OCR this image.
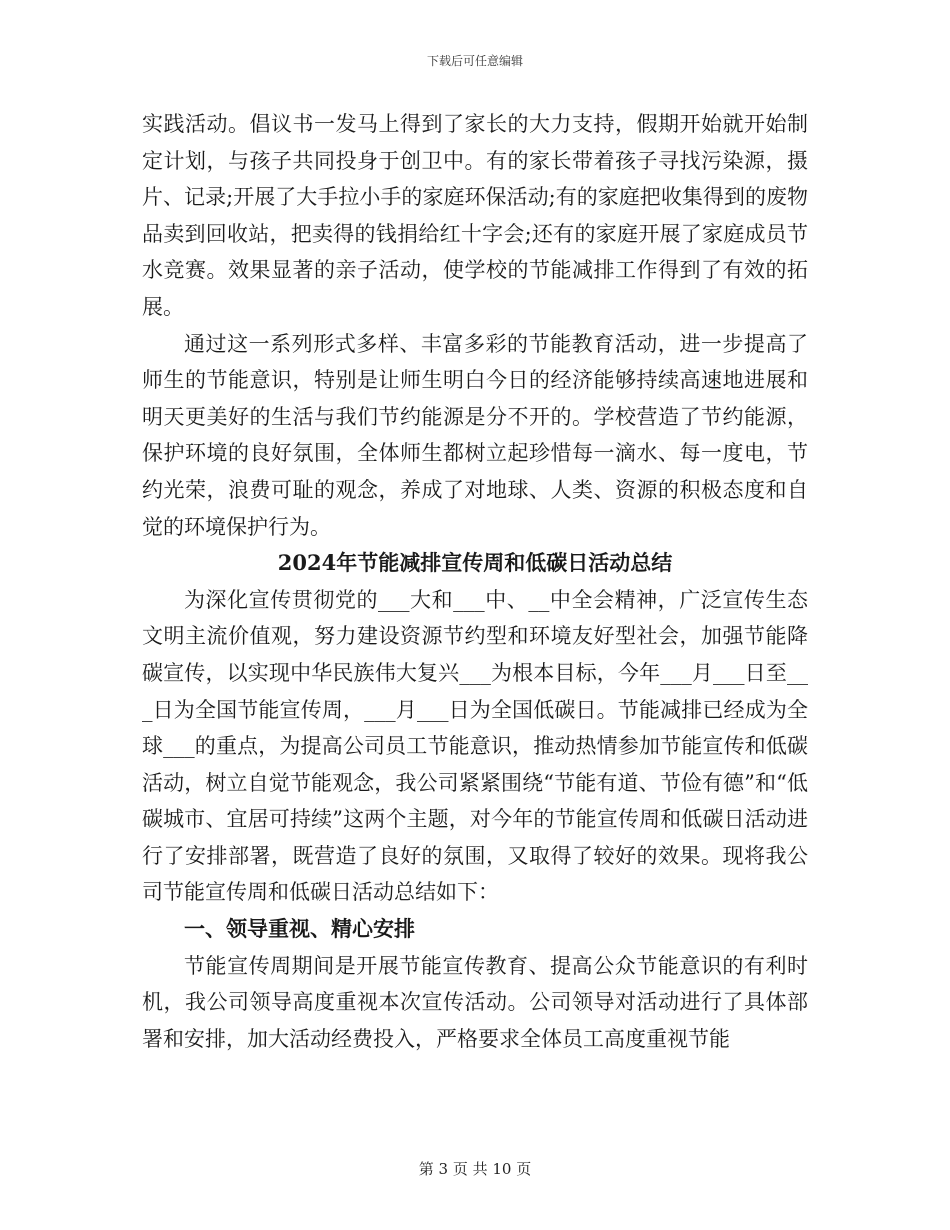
下载后可任意编辑

实践活动。倡议书一发马上得到了家长的大力支持，假期开始就开始制定计划，与孩子共同投身于创卫中。有的家长带着孩子寻找污染源，摄片、记录;开展了大手拉小手的家庭环保活动;有的家庭把收集得到的废物品卖到回收站，把卖得的钱捐给红十字会;还有的家庭开展了家庭成员节水竞赛。效果显著的亲子活动，使学校的节能减排工作得到了有效的拓展。

通过这一系列形式多样、丰富多彩的节能教育活动，进一步提高了师生的节能意识，特别是让师生明白今日的经济能够持续高速地进展和明天更美好的生活与我们节约能源是分不开的。学校营造了节约能源，保护环境的良好氛围，全体师生都树立起珍惜每一滴水、每一度电，节约光荣，浪费可耻的观念，养成了对地球、人类、资源的积极态度和自觉的环境保护行为。

2024年节能减排宣传周和低碳日活动总结

为深化宣传贯彻党的___大和___中、__中全会精神，广泛宣传生态文明主流价值观，努力建设资源节约型和环境友好型社会，加强节能降碳宣传，以实现中华民族伟大复兴___为根本目标，今年___月___日至___日为全国节能宣传周，___月___日为全国低碳日。节能减排已经成为全球___的重点，为提高公司员工节能意识，推动热情参加节能宣传和低碳活动，树立自觉节能观念，我公司紧紧围绕“节能有道、节俭有德”和“低碳城市、宜居可持续”这两个主题，对今年的节能宣传周和低碳日活动进行了安排部署，既营造了良好的氛围，又取得了较好的效果。现将我公司节能宣传周和低碳日活动总结如下：

一、领导重视、精心安排

节能宣传周期间是开展节能宣传教育、提高公众节能意识的有利时机，我公司领导高度重视本次宣传活动。公司领导对活动进行了具体部署和安排，加大活动经费投入，严格要求全体员工高度重视节能

第 3 页 共 10 页
